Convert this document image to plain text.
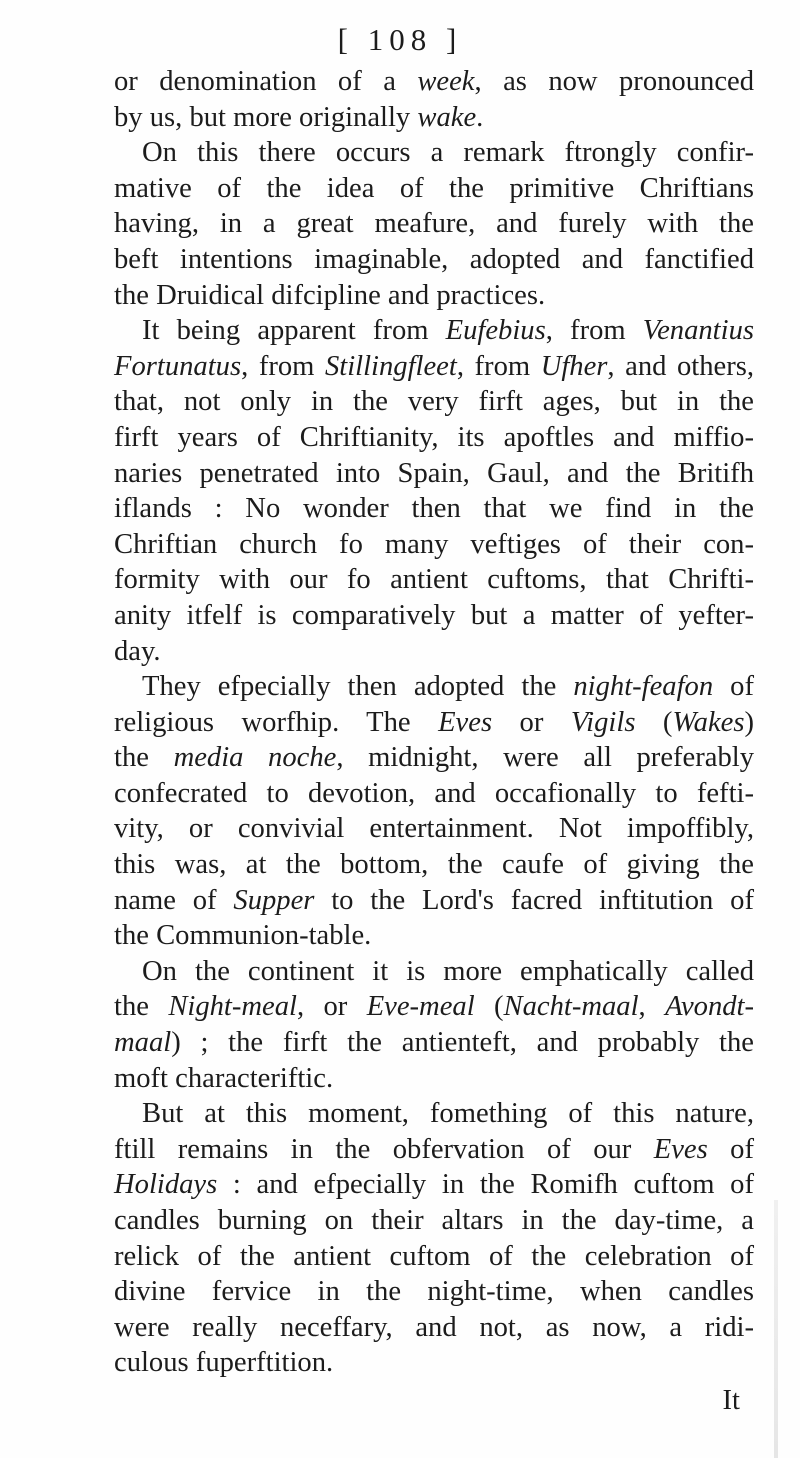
[ 108 ]
or denomination of a week, as now pronounced
by us, but more originally wake.
On this there occurs a remark ftrongly confir-
mative of the idea of the primitive Chriftians
having, in a great meafure, and furely with the
beft intentions imaginable, adopted and fanctified
the Druidical difcipline and practices.
It being apparent from Eufebius, from Venantius
Fortunatus, from Stillingfleet, from Ufher, and others,
that, not only in the very firft ages, but in the
firft years of Chriftianity, its apoftles and miffio-
naries penetrated into Spain, Gaul, and the Britifh
iflands : No wonder then that we find in the
Chriftian church fo many veftiges of their con-
formity with our fo antient cuftoms, that Chrifti-
anity itfelf is comparatively but a matter of yefter-
day.
They efpecially then adopted the night-feafon of
religious worfhip. The Eves or Vigils (Wakes)
the media noche, midnight, were all preferably
confecrated to devotion, and occafionally to fefti-
vity, or convivial entertainment. Not impoffibly,
this was, at the bottom, the caufe of giving the
name of Supper to the Lord's facred inftitution of
the Communion-table.
On the continent it is more emphatically called
the Night-meal, or Eve-meal (Nacht-maal, Avondt-
maal) ; the firft the antienteft, and probably the
moft characteriftic.
But at this moment, fomething of this nature,
ftill remains in the obfervation of our Eves of
Holidays : and efpecially in the Romifh cuftom of
candles burning on their altars in the day-time, a
relick of the antient cuftom of the celebration of
divine fervice in the night-time, when candles
were really neceffary, and not, as now, a ridi-
culous fuperftition.
It
